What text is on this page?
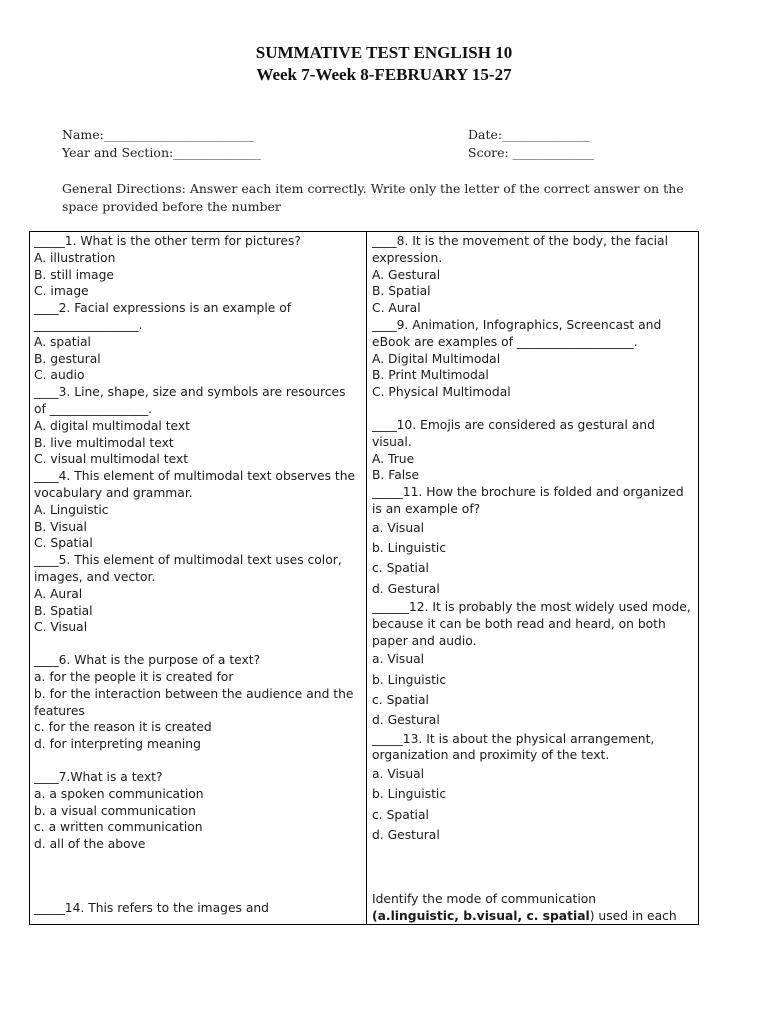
SUMMATIVE TEST ENGLISH 10
Week 7-Week 8-FEBRUARY 15-27
Name:________________________
Year and Section:______________
Date:______________
Score: _____________
General Directions: Answer each item correctly. Write only the letter of the correct answer on the space provided before the number
_____1. What is the other term for pictures?
A. illustration
B. still image
C. image
____2. Facial expressions is an example of _________________.
A. spatial
B. gestural
C. audio
____3. Line, shape, size and symbols are resources of ________________.
A. digital multimodal text
B. live multimodal text
C. visual multimodal text
____4. This element of multimodal text observes the vocabulary and grammar.
A. Linguistic
B. Visual
C. Spatial
____5. This element of multimodal text uses color, images, and vector.
A. Aural
B. Spatial
C. Visual
____6. What is the purpose of a text?
a. for the people it is created for
b. for the interaction between the audience and the features
c. for the reason it is created
d. for interpreting meaning
____7.What is a text?
a. a spoken communication
b. a visual communication
c. a written communication
d. all of the above
_____14. This refers to the images and
____8. It is the movement of the body, the facial expression.
A. Gestural
B. Spatial
C. Aural
____9. Animation, Infographics, Screencast and eBook are examples of ___________________.
A. Digital Multimodal
B. Print Multimodal
C. Physical Multimodal
____10. Emojis are considered as gestural and visual.
A. True
B. False
_____11. How the brochure is folded and organized is an example of?
a. Visual
b. Linguistic
c. Spatial
d. Gestural
______12. It is probably the most widely used mode, because it can be both read and heard, on both paper and audio.
a. Visual
b. Linguistic
c. Spatial
d. Gestural
_____13. It is about the physical arrangement, organization and proximity of the text.
a. Visual
b. Linguistic
c. Spatial
d. Gestural
Identify the mode of communication
(a.linguistic, b.visual, c. spatial) used in each
